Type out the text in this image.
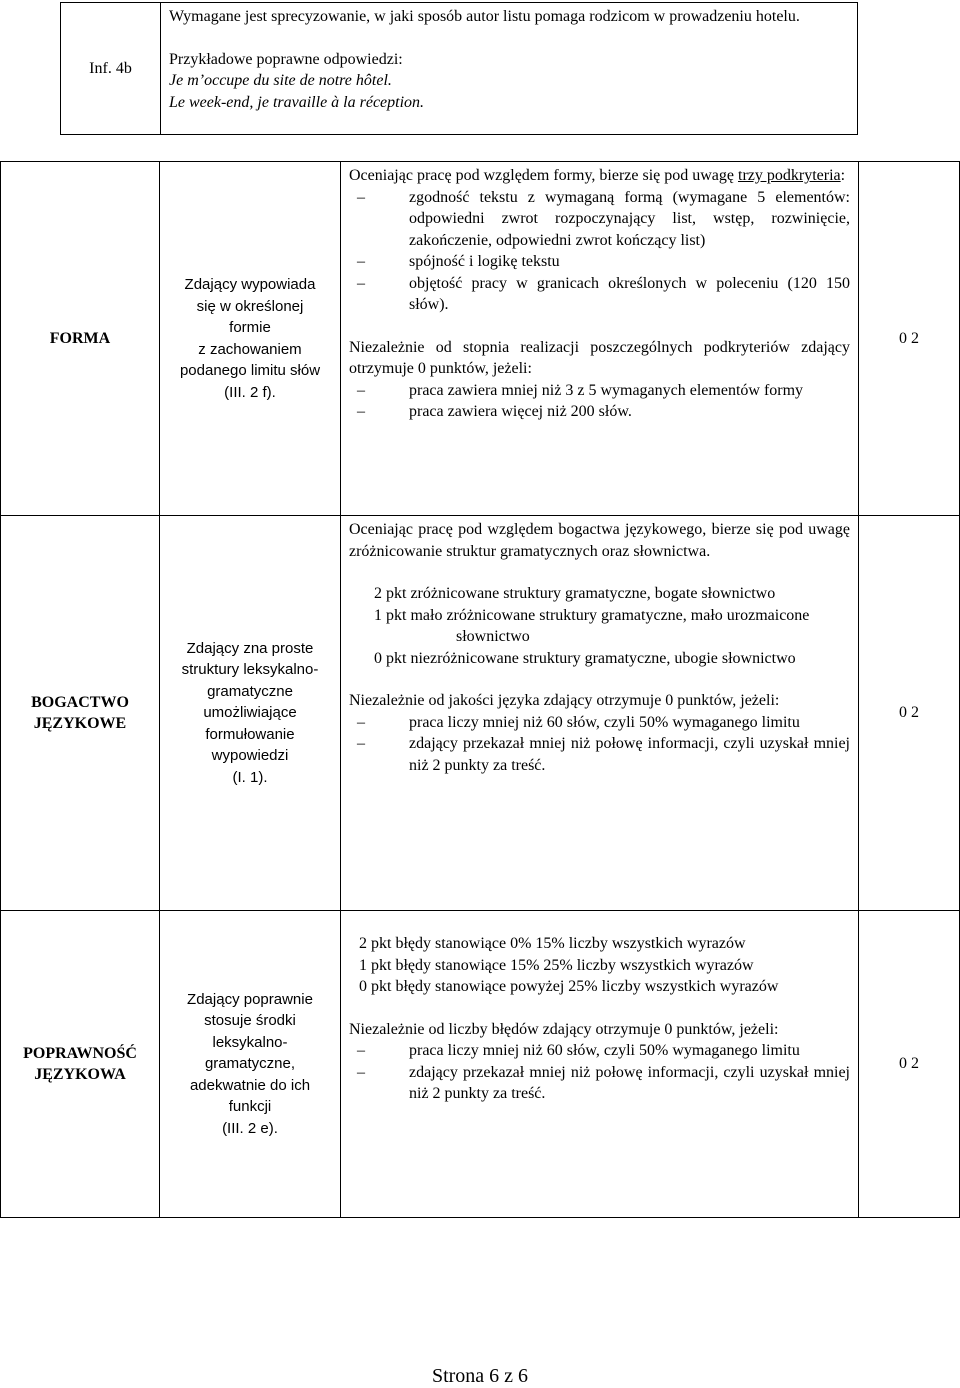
Inf. 4b

Wymagane jest sprecyzowanie, w jaki sposób autor listu pomaga rodzicom w prowadzeniu hotelu.

Przykładowe poprawne odpowiedzi:

Je m’occupe du site de notre hôtel.

Le week-end, je travaille à la réception.

FORMA
Zdający wypowiada
się w określonej
formie
z zachowaniem
podanego limitu słów
(III. 2 f).

Oceniając pracę pod względem formy, bierze się pod uwagę trzy podkryteria:

– zgodność tekstu z wymaganą formą (wymagane 5 elementów: odpowiedni zwrot rozpoczynający list, wstęp, rozwinięcie, zakończenie, odpowiedni zwrot kończący list)
– spójność i logikę tekstu
– objętość pracy w granicach określonych w poleceniu (120 150 słów).

Niezależnie od stopnia realizacji poszczególnych podkryteriów zdający otrzymuje 0 punktów, jeżeli:

– praca zawiera mniej niż 3 z 5 wymaganych elementów formy
– praca zawiera więcej niż 200 słów.
0 2
BOGACTWO
JĘZYKOWE
Zdający zna proste
struktury leksykalno-
gramatyczne
umożliwiające
formułowanie
wypowiedzi
(I. 1).

Oceniając pracę pod względem bogactwa językowego, bierze się pod uwagę zróżnicowanie struktur gramatycznych oraz słownictwa.

2 pkt zróżnicowane struktury gramatyczne, bogate słownictwo

1 pkt mało zróżnicowane struktury gramatyczne, mało urozmaicone słownictwo

0 pkt niezróżnicowane struktury gramatyczne, ubogie słownictwo

Niezależnie od jakości języka zdający otrzymuje 0 punktów, jeżeli:

– praca liczy mniej niż 60 słów, czyli 50% wymaganego limitu
– zdający przekazał mniej niż połowę informacji, czyli uzyskał mniej niż 2 punkty za treść.
0 2
POPRAWNOŚĆ
JĘZYKOWA
Zdający poprawnie
stosuje środki
leksykalno-
gramatyczne,
adekwatnie do ich
funkcji
(III. 2 e).

2 pkt błędy stanowiące 0% 15% liczby wszystkich wyrazów

1 pkt błędy stanowiące 15% 25% liczby wszystkich wyrazów

0 pkt błędy stanowiące powyżej 25% liczby wszystkich wyrazów

Niezależnie od liczby błędów zdający otrzymuje 0 punktów, jeżeli:

– praca liczy mniej niż 60 słów, czyli 50% wymaganego limitu
– zdający przekazał mniej niż połowę informacji, czyli uzyskał mniej niż 2 punkty za treść.
0 2
Strona 6 z 6
